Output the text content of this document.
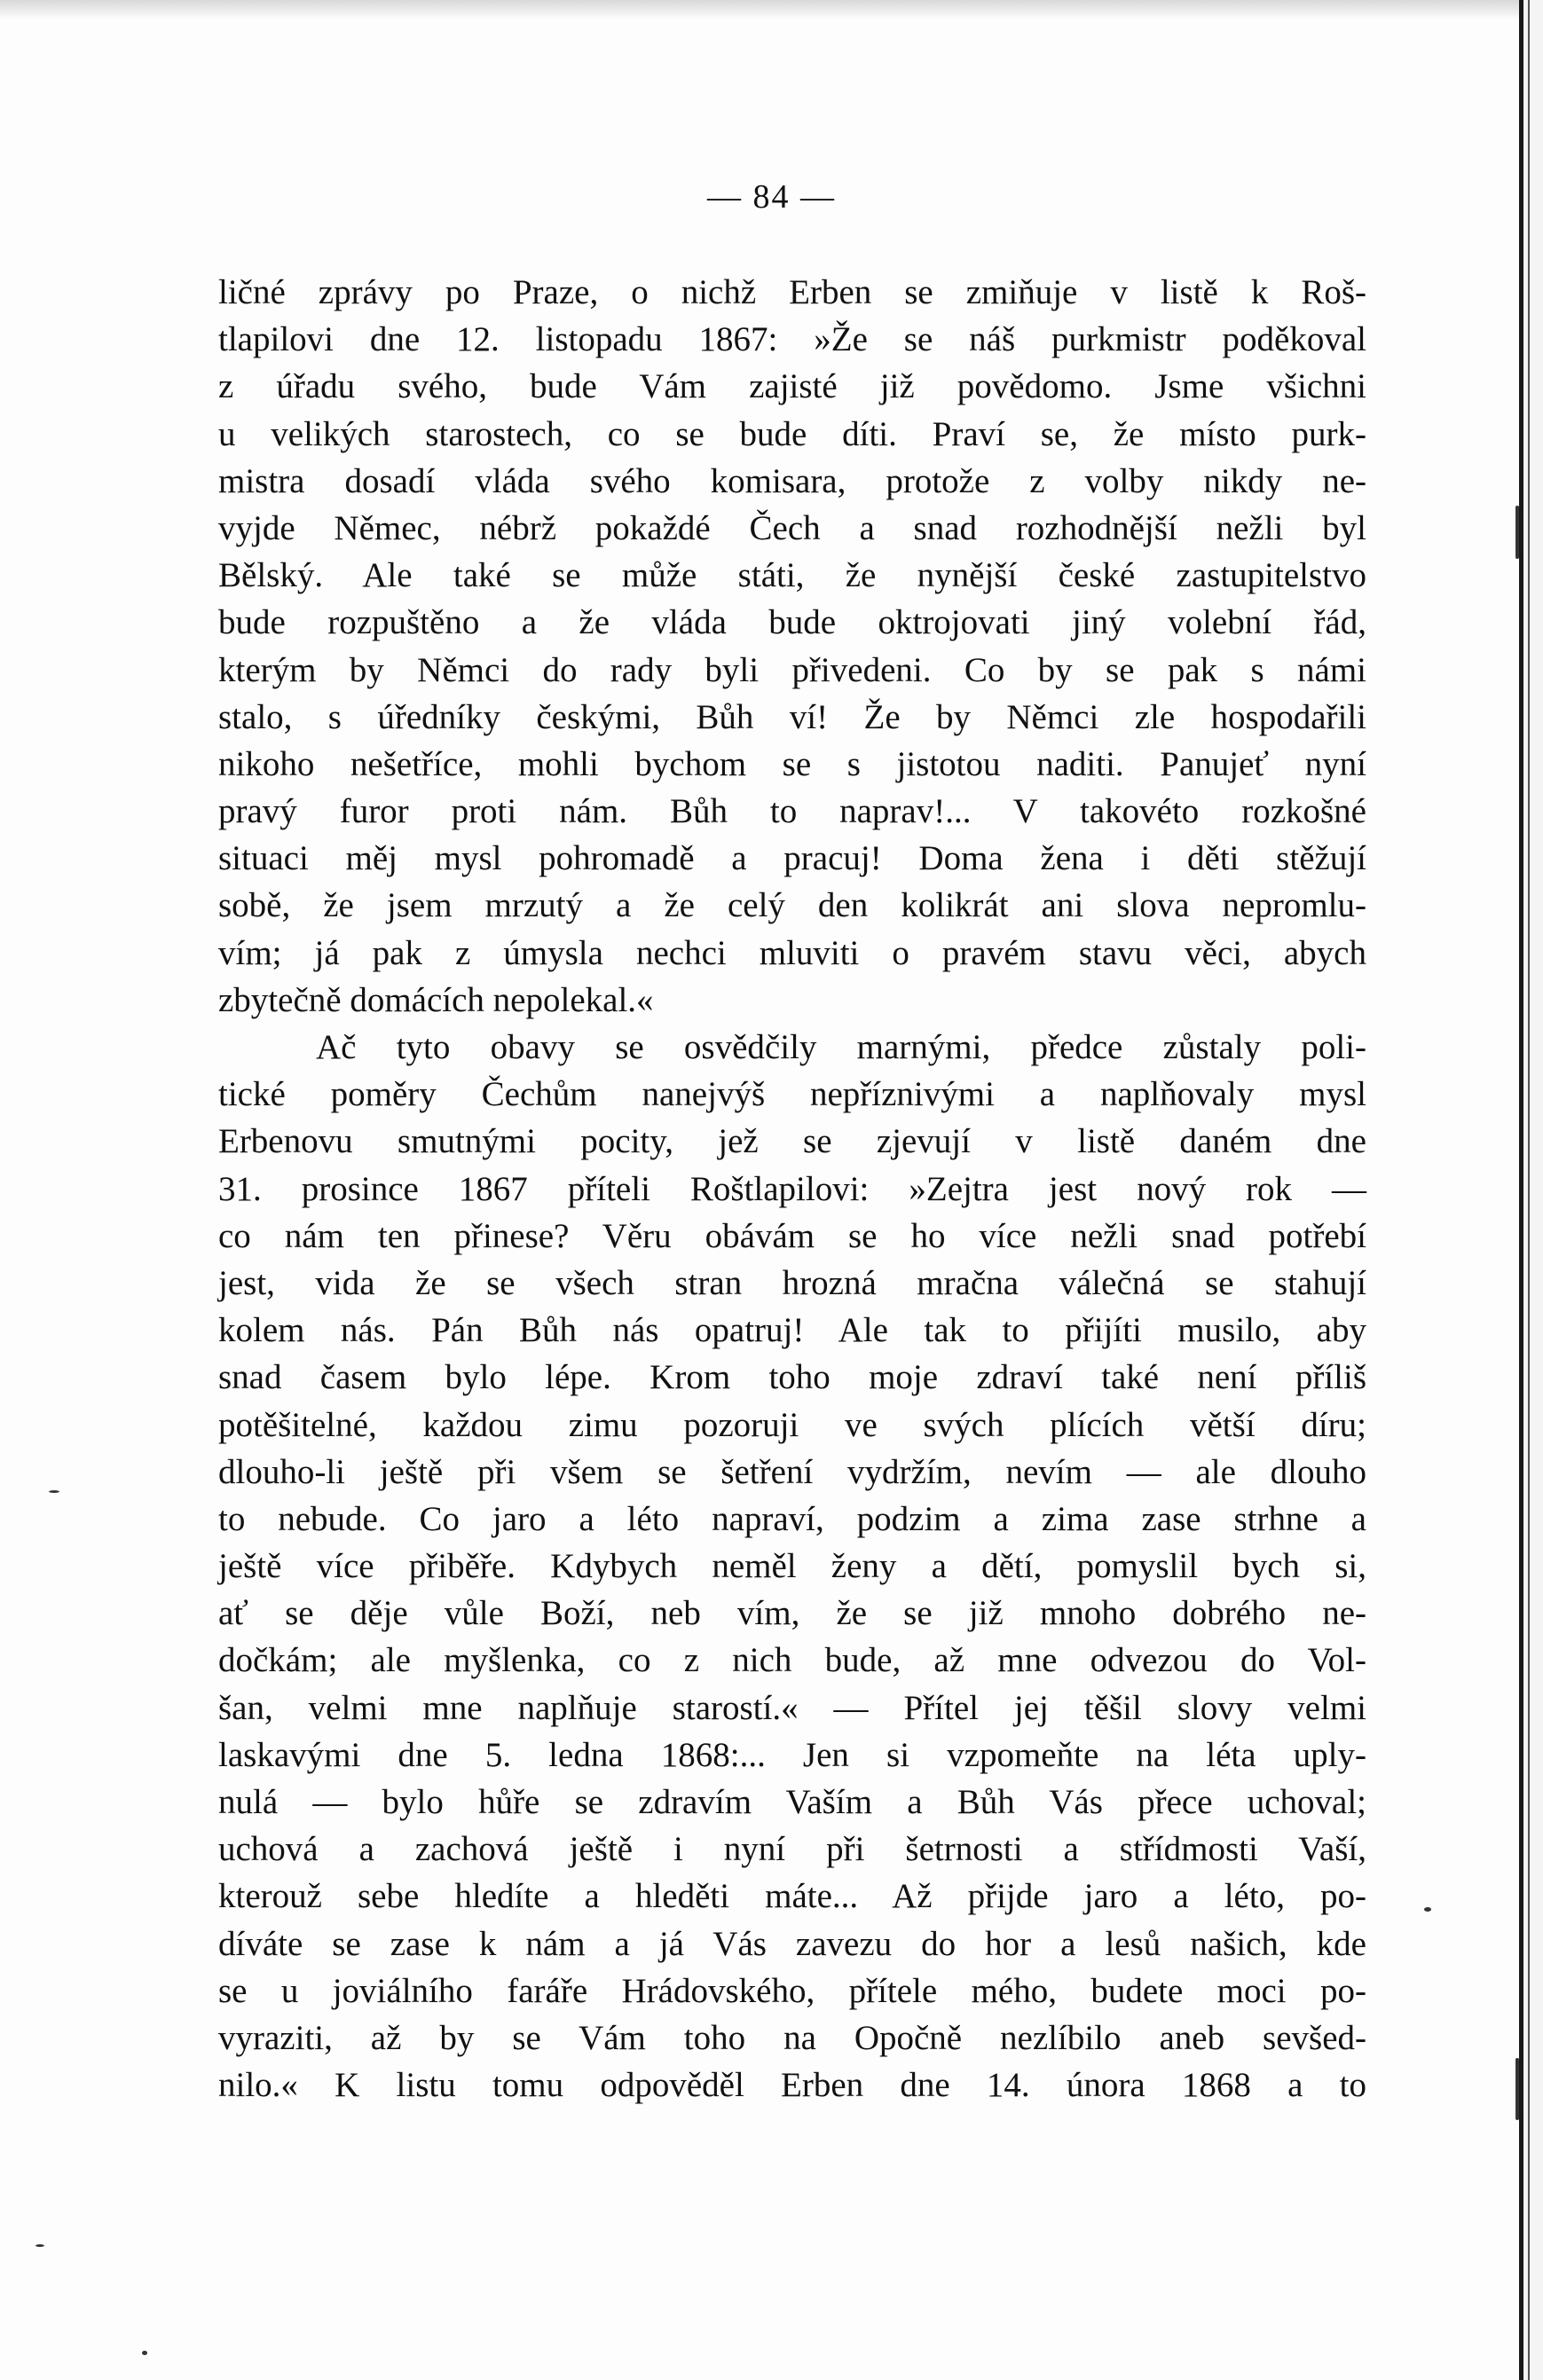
— 84 —
ličné zprávy po Praze, o nichž Erben se zmiňuje v listě k Roš-
tlapilovi dne 12. listopadu 1867: »Že se náš purkmistr poděkoval
z úřadu svého, bude Vám zajisté již povědomo. Jsme všichni
u velikých starostech, co se bude díti. Praví se, že místo purk-
mistra dosadí vláda svého komisara, protože z volby nikdy ne-
vyjde Němec, nébrž pokaždé Čech a snad rozhodnější nežli byl
Bělský. Ale také se může státi, že nynější české zastupitelstvo
bude rozpuštěno a že vláda bude oktrojovati jiný volební řád,
kterým by Němci do rady byli přivedeni. Co by se pak s námi
stalo, s úředníky českými, Bůh ví! Že by Němci zle hospodařili
nikoho nešetříce, mohli bychom se s jistotou naditi. Panujeť nyní
pravý furor proti nám. Bůh to naprav!... V takovéto rozkošné
situaci měj mysl pohromadě a pracuj! Doma žena i děti stěžují
sobě, že jsem mrzutý a že celý den kolikrát ani slova nepromlu-
vím; já pak z úmysla nechci mluviti o pravém stavu věci, abych
zbytečně domácích nepolekal.«
Ač tyto obavy se osvědčily marnými, předce zůstaly poli-
tické poměry Čechům nanejvýš nepříznivými a naplňovaly mysl
Erbenovu smutnými pocity, jež se zjevují v listě daném dne
31. prosince 1867 příteli Roštlapilovi: »Zejtra jest nový rok —
co nám ten přinese? Věru obávám se ho více nežli snad potřebí
jest, vida že se všech stran hrozná mračna válečná se stahují
kolem nás. Pán Bůh nás opatruj! Ale tak to přijíti musilo, aby
snad časem bylo lépe. Krom toho moje zdraví také není příliš
potěšitelné, každou zimu pozoruji ve svých plících větší díru;
dlouho-li ještě při všem se šetření vydržím, nevím — ale dlouho
to nebude. Co jaro a léto napraví, podzim a zima zase strhne a
ještě více přiběře. Kdybych neměl ženy a dětí, pomyslil bych si,
ať se děje vůle Boží, neb vím, že se již mnoho dobrého ne-
dočkám; ale myšlenka, co z nich bude, až mne odvezou do Vol-
šan, velmi mne naplňuje starostí.« — Přítel jej těšil slovy velmi
laskavými dne 5. ledna 1868:... Jen si vzpomeňte na léta uply-
nulá — bylo hůře se zdravím Vaším a Bůh Vás přece uchoval;
uchová a zachová ještě i nyní při šetrnosti a střídmosti Vaší,
kterouž sebe hledíte a hleděti máte... Až přijde jaro a léto, po-
díváte se zase k nám a já Vás zavezu do hor a lesů našich, kde
se u joviálního faráře Hrádovského, přítele mého, budete moci po-
vyraziti, až by se Vám toho na Opočně nezlíbilo aneb sevšed-
nilo.« K listu tomu odpověděl Erben dne 14. února 1868 a to
